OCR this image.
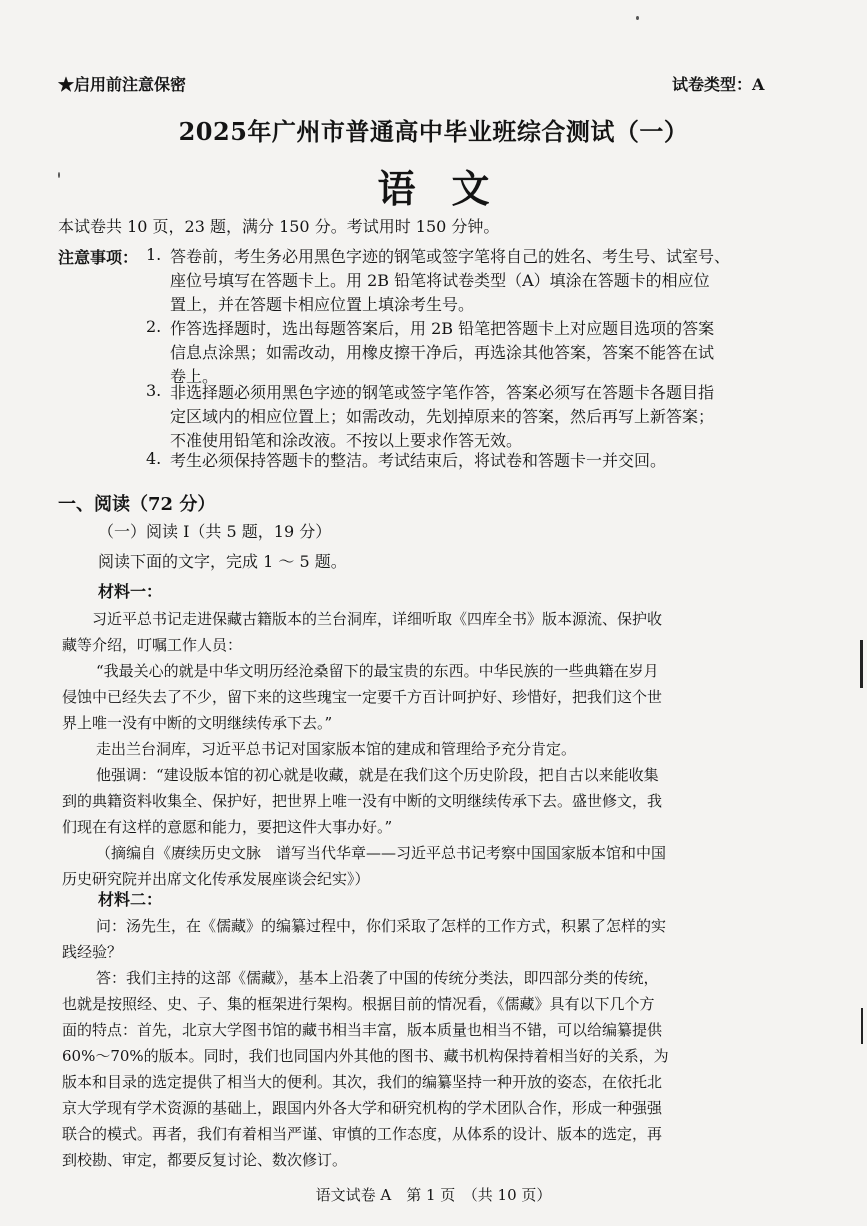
★启用前注意保密	试卷类型：A
2025年广州市普通高中毕业班综合测试（一）
语文
本试卷共 10 页，23 题，满分 150 分。考试用时 150 分钟。
注意事项： 1. 答卷前，考生务必用黑色字迹的钢笔或签字笔将自己的姓名、考生号、试室号、
座位号填写在答题卡上。用 2B 铅笔将试卷类型（A）填涂在答题卡的相应位
置上，并在答题卡相应位置上填涂考生号。
2. 作答选择题时，选出每题答案后，用 2B 铅笔把答题卡上对应题目选项的答案
信息点涂黑；如需改动，用橡皮擦干净后，再选涂其他答案，答案不能答在试
卷上。
3. 非选择题必须用黑色字迹的钢笔或签字笔作答，答案必须写在答题卡各题目指
定区域内的相应位置上；如需改动，先划掉原来的答案，然后再写上新答案；
不准使用铅笔和涂改液。不按以上要求作答无效。
4. 考生必须保持答题卡的整洁。考试结束后，将试卷和答题卡一并交回。
一、阅读（72 分）
（一）阅读 I（共 5 题，19 分）
阅读下面的文字，完成 1 ～ 5 题。
材料一：
习近平总书记走进保藏古籍版本的兰台洞库，详细听取《四库全书》版本源流、保护收
藏等介绍，叮嘱工作人员：
“我最关心的就是中华文明历经沧桑留下的最宝贵的东西。中华民族的一些典籍在岁月
侵蚀中已经失去了不少，留下来的这些瑰宝一定要千方百计呵护好、珍惜好，把我们这个世
界上唯一没有中断的文明继续传承下去。”
走出兰台洞库，习近平总书记对国家版本馆的建成和管理给予充分肯定。
他强调：“建设版本馆的初心就是收藏，就是在我们这个历史阶段，把自古以来能收集
到的典籍资料收集全、保护好，把世界上唯一没有中断的文明继续传承下去。盛世修文，我
们现在有这样的意愿和能力，要把这件大事办好。”
（摘编自《赓续历史文脉　谱写当代华章——习近平总书记考察中国国家版本馆和中国
历史研究院并出席文化传承发展座谈会纪实》）
材料二：
问：汤先生，在《儒藏》的编纂过程中，你们采取了怎样的工作方式，积累了怎样的实
践经验？
答：我们主持的这部《儒藏》，基本上沿袭了中国的传统分类法，即四部分类的传统，
也就是按照经、史、子、集的框架进行架构。根据目前的情况看，《儒藏》具有以下几个方
面的特点：首先，北京大学图书馆的藏书相当丰富，版本质量也相当不错，可以给编纂提供
60%～70%的版本。同时，我们也同国内外其他的图书、藏书机构保持着相当好的关系，为
版本和目录的选定提供了相当大的便利。其次，我们的编纂坚持一种开放的姿态，在依托北
京大学现有学术资源的基础上，跟国内外各大学和研究机构的学术团队合作，形成一种强强
联合的模式。再者，我们有着相当严谨、审慎的工作态度，从体系的设计、版本的选定，再
到校勘、审定，都要反复讨论、数次修订。
语文试卷 A　第 1 页　（共 10 页）
